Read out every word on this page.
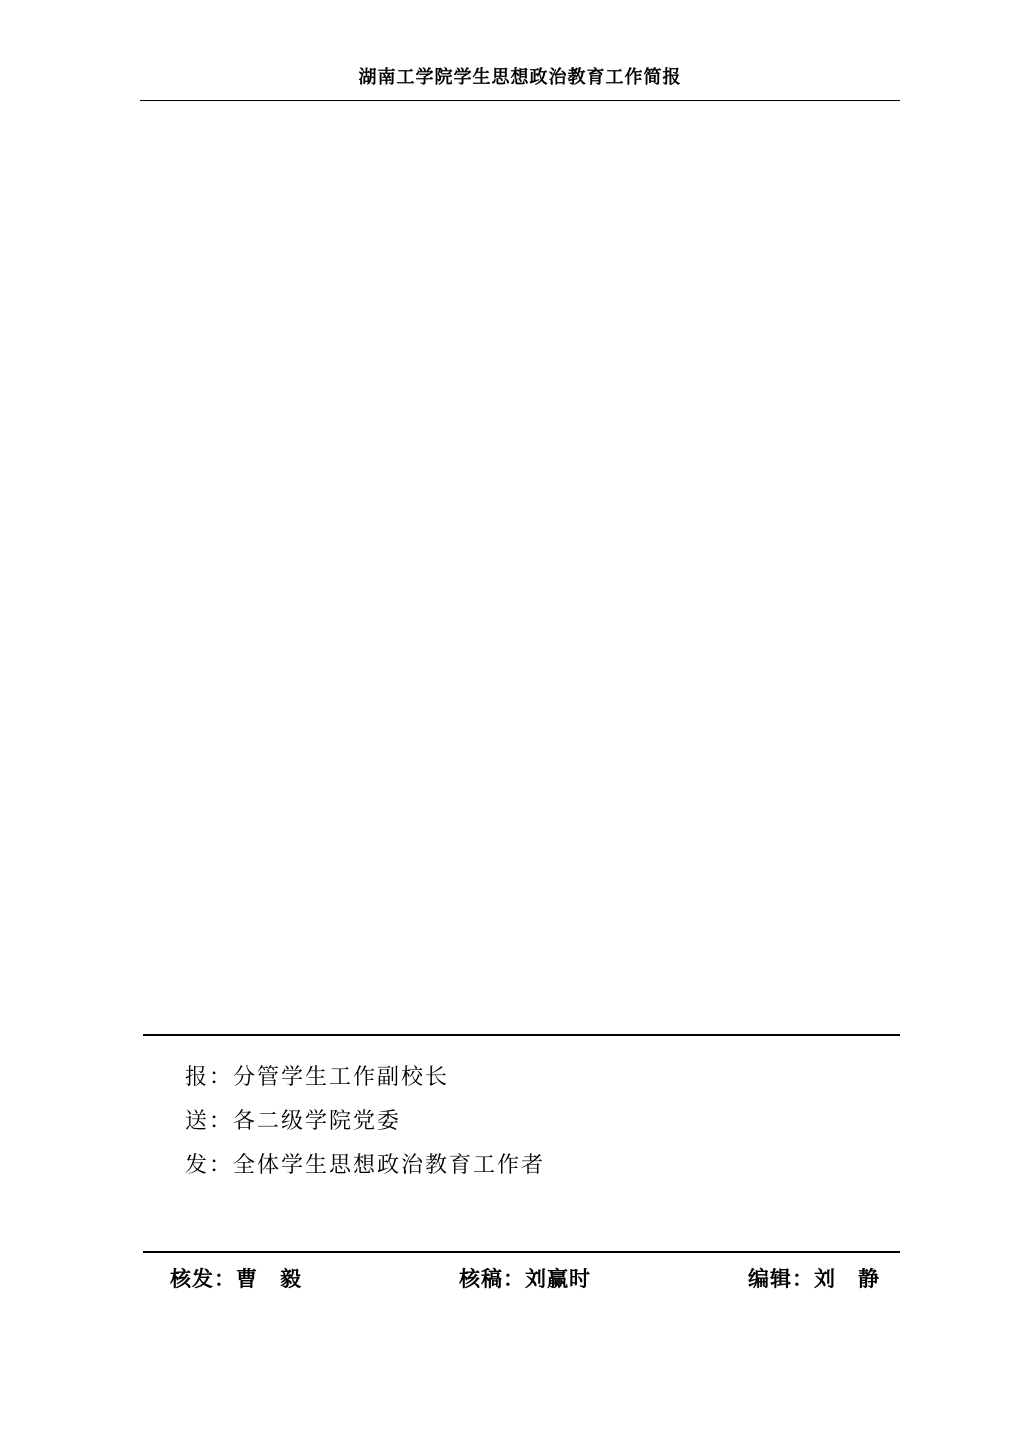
湖南工学院学生思想政治教育工作简报
报：分管学生工作副校长
送：各二级学院党委
发：全体学生思想政治教育工作者
核发：曹　毅	核稿：刘赢时	编辑：刘　静
